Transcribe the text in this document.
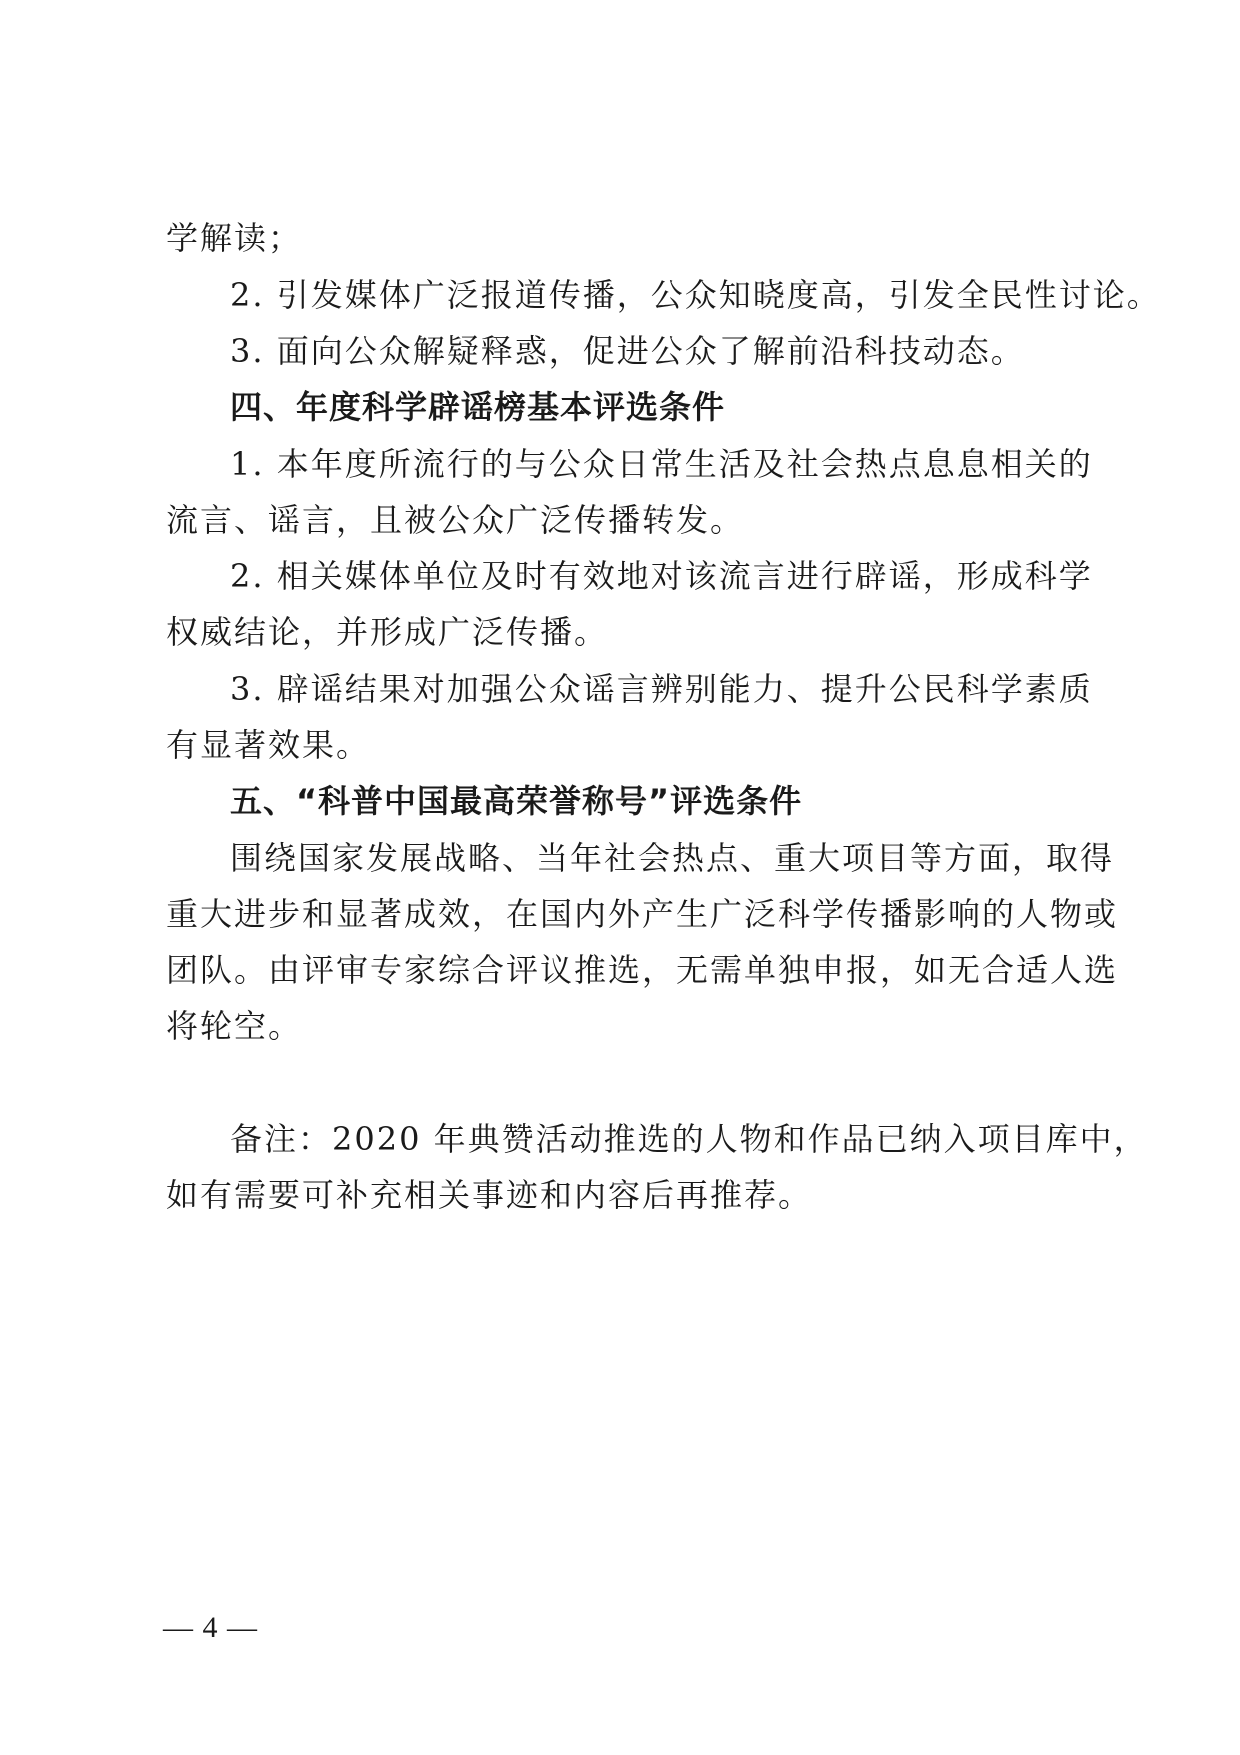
学解读；
2. 引发媒体广泛报道传播，公众知晓度高，引发全民性讨论。
3. 面向公众解疑释惑，促进公众了解前沿科技动态。
四、年度科学辟谣榜基本评选条件
1. 本年度所流行的与公众日常生活及社会热点息息相关的
流言、谣言，且被公众广泛传播转发。
2. 相关媒体单位及时有效地对该流言进行辟谣，形成科学
权威结论，并形成广泛传播。
3. 辟谣结果对加强公众谣言辨别能力、提升公民科学素质
有显著效果。
五、“科普中国最高荣誉称号”评选条件
围绕国家发展战略、当年社会热点、重大项目等方面，取得
重大进步和显著成效，在国内外产生广泛科学传播影响的人物或
团队。由评审专家综合评议推选，无需单独申报，如无合适人选
将轮空。
备注：2020 年典赞活动推选的人物和作品已纳入项目库中，
如有需要可补充相关事迹和内容后再推荐。
— 4 —
